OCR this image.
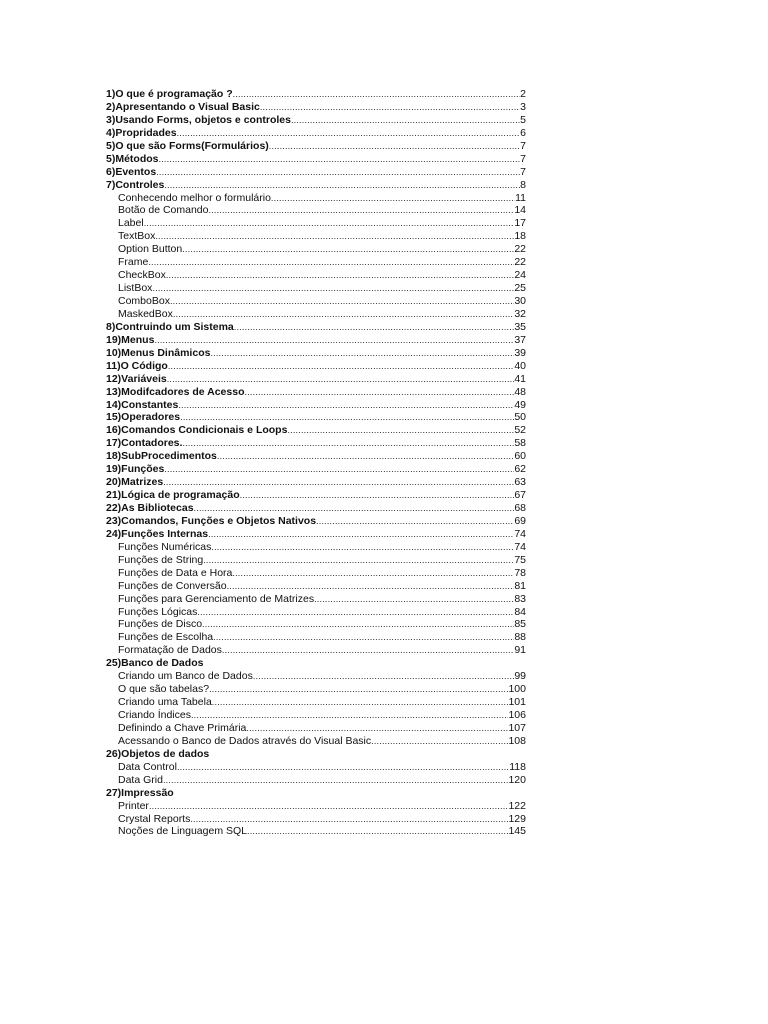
1)O que é programação ? .....	2
2)Apresentando o Visual Basic .....	3
3)Usando Forms, objetos e controles .....	5
4)Propridades .....	6
5)O que são Forms(Formulários) .....	7
5)Métodos .....	7
6)Eventos .....	7
7)Controles .....	8
Conhecendo melhor o formulário .....	11
Botão de Comando .....	14
Label .....	17
TextBox .....	18
Option Button .....	22
Frame .....	22
CheckBox .....	24
ListBox .....	25
ComboBox .....	30
MaskedBox .....	32
8)Contruindo um Sistema .....	35
19)Menus .....	37
10)Menus Dinâmicos .....	39
11)O Código .....	40
12)Variáveis .....	41
13)Modifcadores de Acesso .....	48
14)Constantes .....	49
15)Operadores .....	50
16)Comandos Condicionais e Loops .....	52
17)Contadores. .....	58
18)SubProcedimentos .....	60
19)Funções .....	62
20)Matrizes .....	63
21)Lógica de programação .....	67
22)As Bibliotecas .....	68
23)Comandos, Funções e Objetos Nativos .....	69
24)Funções Internas .....	74
Funções Numéricas .....	74
Funções de String .....	75
Funções de Data e Hora .....	78
Funções de Conversão .....	81
Funções para Gerenciamento de Matrizes .....	83
Funções Lógicas .....	84
Funções de Disco .....	85
Funções de Escolha .....	88
Formatação de Dados .....	91
25)Banco de Dados
Criando um Banco de Dados .....	99
O que são tabelas? .....	100
Criando uma Tabela .....	101
Criando Índices .....	106
Definindo a Chave Primária .....	107
Acessando o Banco de Dados através do Visual Basic .....	108
26)Objetos de dados
Data Control .....	118
Data Grid .....	120
27)Impressão
Printer .....	122
Crystal Reports .....	129
Noções de Linguagem SQL .....	145
